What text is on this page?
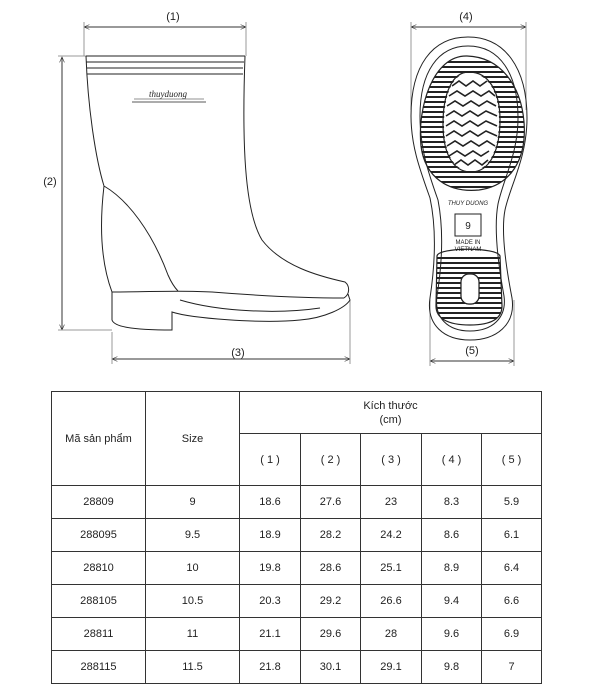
(1)
(2)
(3)
(4)
(5)
thuyduong
THUY DUONG
9
MADE IN
VIETNAM
Mã sản phẩm	Size	Kích thước
(cm)				

		( 1 )	( 2 )	( 3 )	( 4 )	( 5 )
28809	9	18.6	27.6	23	8.3	5.9
288095	9.5	18.9	28.2	24.2	8.6	6.1
28810	10	19.8	28.6	25.1	8.9	6.4
288105	10.5	20.3	29.2	26.6	9.4	6.6
28811	11	21.1	29.6	28	9.6	6.9
288115	11.5	21.8	30.1	29.1	9.8	7
